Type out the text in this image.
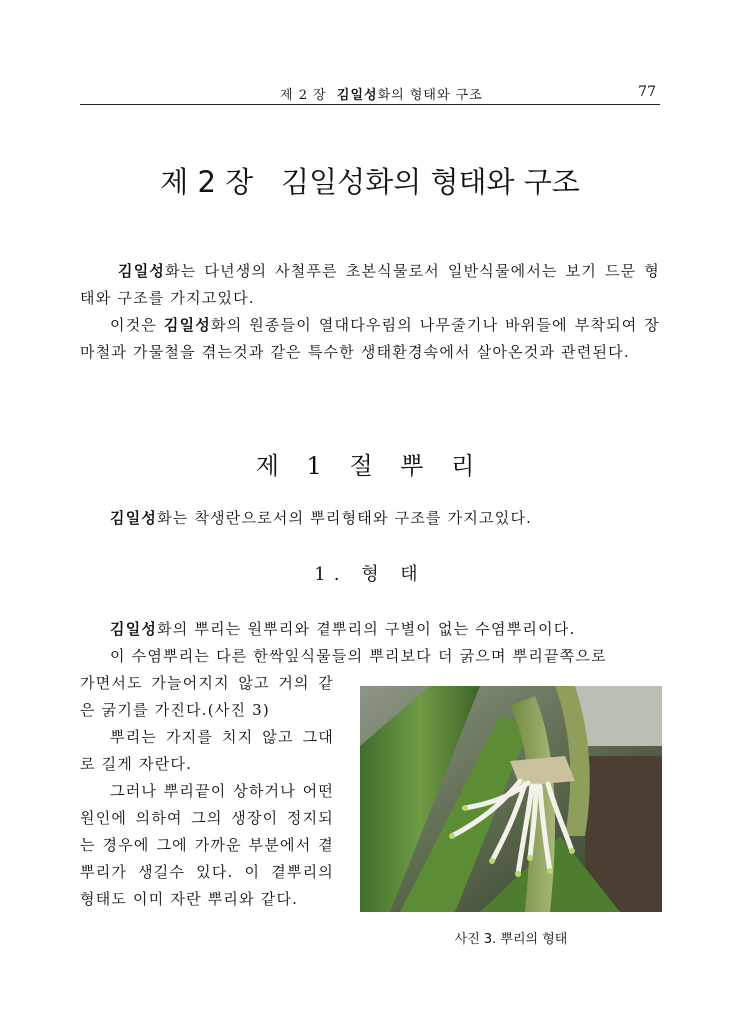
제 2 장 김일성화의 형태와 구조	77
제 2 장 김일성화의 형태와 구조
김일성화는 다년생의 사철푸른 초본식물로서 일반식물에서는 보기 드문 형태와 구조를 가지고있다.
이것은 김일성화의 원종들이 열대다우림의 나무줄기나 바위들에 부착되여 장마철과 가물철을 겪는것과 같은 특수한 생태환경속에서 살아온것과 관련된다.
제 1 절 뿌 리
김일성화는 착생란으로서의 뿌리형태와 구조를 가지고있다.
1. 형 태
김일성화의 뿌리는 원뿌리와 곁뿌리의 구별이 없는 수염뿌리이다.
이 수염뿌리는 다른 한싹잎식물들의 뿌리보다 더 굵으며 뿌리끝쪽으로
가면서도 가늘어지지 않고 거의 같은 굵기를 가진다.(사진 3)
뿌리는 가지를 치지 않고 그대로 길게 자란다.
그러나 뿌리끝이 상하거나 어떤 원인에 의하여 그의 생장이 정지되는 경우에 그에 가까운 부분에서 곁뿌리가 생길수 있다. 이 곁뿌리의 형태도 이미 자란 뿌리와 같다.
사진 3. 뿌리의 형태
